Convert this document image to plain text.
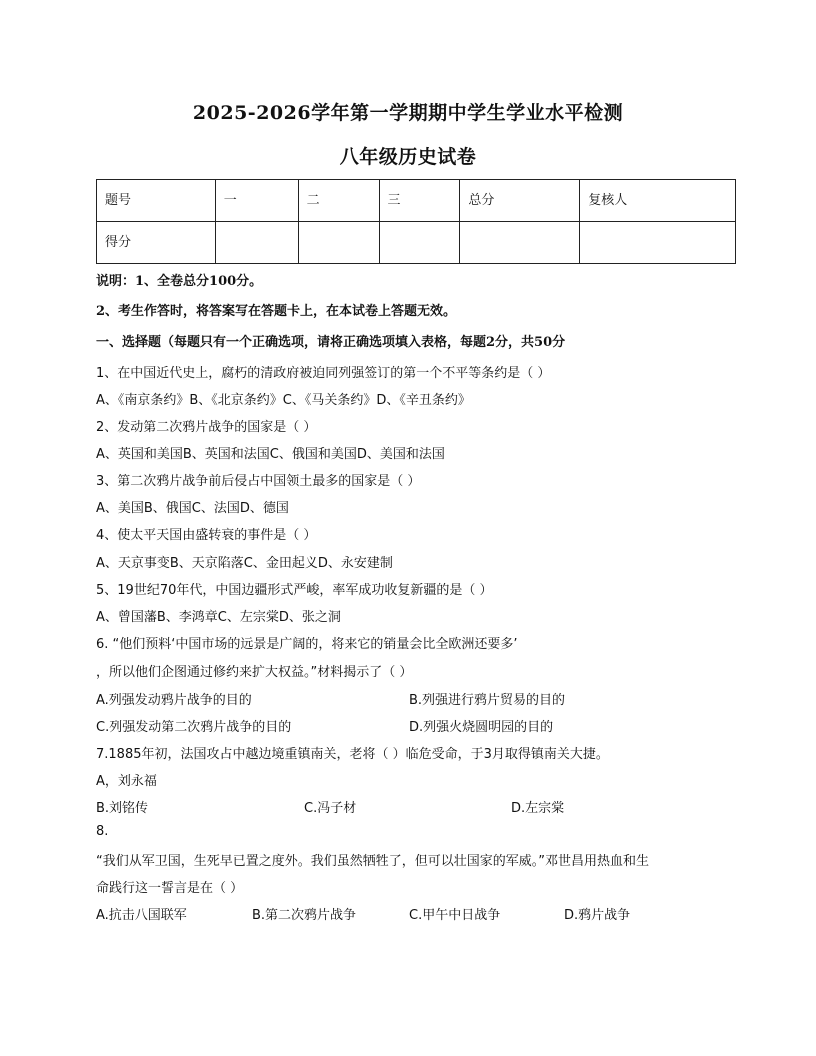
2025-2026学年第一学期期中学生学业水平检测
八年级历史试卷
题号	一	二	三	总分	复核人
得分					
说明：1、全卷总分100分。
2、考生作答时，将答案写在答题卡上，在本试卷上答题无效。
一、选择题（每题只有一个正确选项，请将正确选项填入表格，每题2分，共50分
1、在中国近代史上，腐朽的清政府被迫同列强签订的第一个不平等条约是（ ）
A、《南京条约》B、《北京条约》C、《马关条约》D、《辛丑条约》
2、发动第二次鸦片战争的国家是（ ）
A、英国和美国B、英国和法国C、俄国和美国D、美国和法国
3、第二次鸦片战争前后侵占中国领土最多的国家是（ ）
A、美国B、俄国C、法国D、德国
4、使太平天国由盛转衰的事件是（ ）
A、天京事变B、天京陷落C、金田起义D、永安建制
5、19世纪70年代，中国边疆形式严峻，率军成功收复新疆的是（ ）
A、曾国藩B、李鸿章C、左宗棠D、张之洞
6. “他们预料‘中国市场的远景是广阔的，将来它的销量会比全欧洲还要多’
，所以他们企图通过修约来扩大权益。”材料揭示了（ ）
A.列强发动鸦片战争的目的	B.列强进行鸦片贸易的目的
C.列强发动第二次鸦片战争的目的	D.列强火烧圆明园的目的
7.1885年初，法国攻占中越边境重镇南关，老将（ ）临危受命，于3月取得镇南关大捷。
A，刘永福
B.刘铭传	C.冯子材	D.左宗棠
8.
“我们从军卫国，生死早已置之度外。我们虽然牺牲了，但可以壮国家的军威。”邓世昌用热血和生
命践行这一誓言是在（ ）
A.抗击八国联军	B.第二次鸦片战争	C.甲午中日战争	D.鸦片战争
